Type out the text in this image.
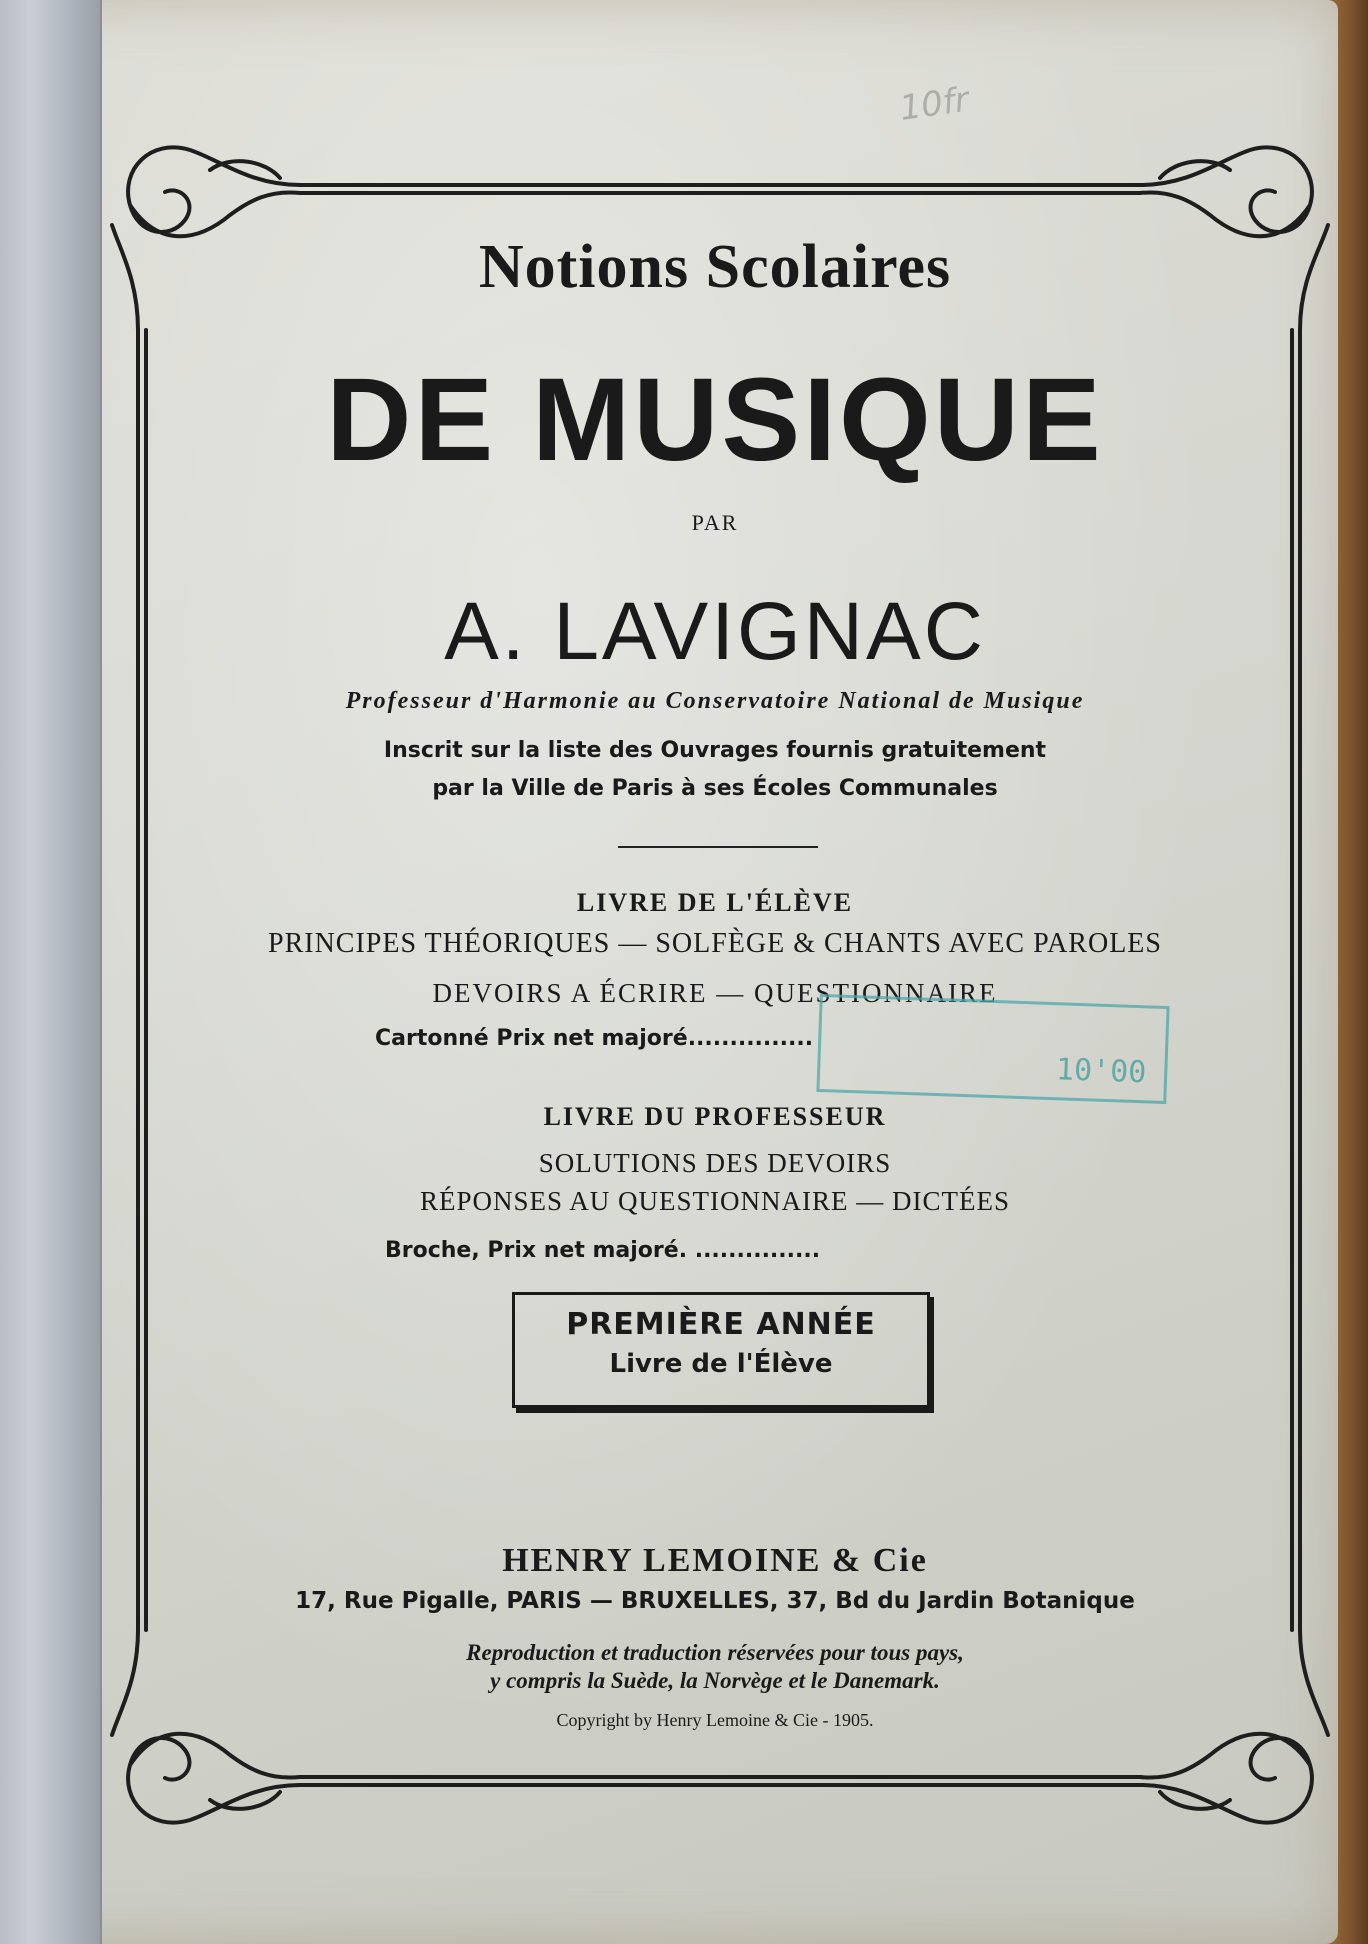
10fr
Notions Scolaires
DE MUSIQUE
PAR
A. LAVIGNAC
Professeur d'Harmonie au Conservatoire National de Musique
Inscrit sur la liste des Ouvrages fournis gratuitement
par la Ville de Paris à ses Écoles Communales
LIVRE DE L'ÉLÈVE
PRINCIPES THÉORIQUES — SOLFÈGE & CHANTS AVEC PAROLES
DEVOIRS A ÉCRIRE — QUESTIONNAIRE
Cartonné Prix net majoré...............
10'00
LIVRE DU PROFESSEUR
SOLUTIONS DES DEVOIRS
RÉPONSES AU QUESTIONNAIRE — DICTÉES
Broche, Prix net majoré. ...............
PREMIÈRE ANNÉE
Livre de l'Élève
HENRY LEMOINE & Cie
17, Rue Pigalle, PARIS — BRUXELLES, 37, Bd du Jardin Botanique
Reproduction et traduction réservées pour tous pays,
y compris la Suède, la Norvège et le Danemark.
Copyright by Henry Lemoine & Cie - 1905.
